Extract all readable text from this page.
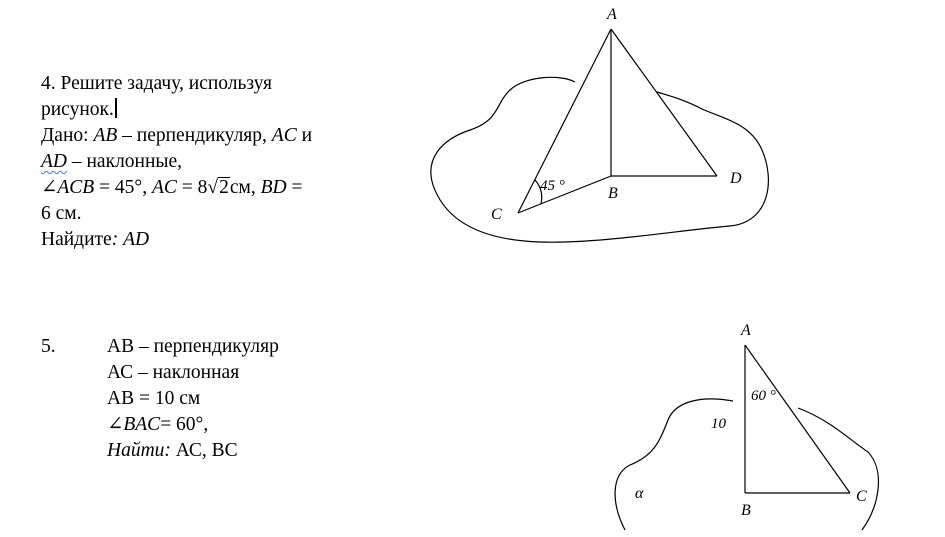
4. Решите задачу, используя
рисунок.
Дано: AB – перпендикуляр, AC и
AD – наклонные,
∠ACB = 45°, AC = 8√2см, BD =
6 см.
Найдите: AD
5.	АВ – перпендикуляр
АС – наклонная
АВ = 10 см
∠BAC= 60°,
Найти: АС, ВС
A
B
C
D
45 °
A
B
C
60 °
10
α
